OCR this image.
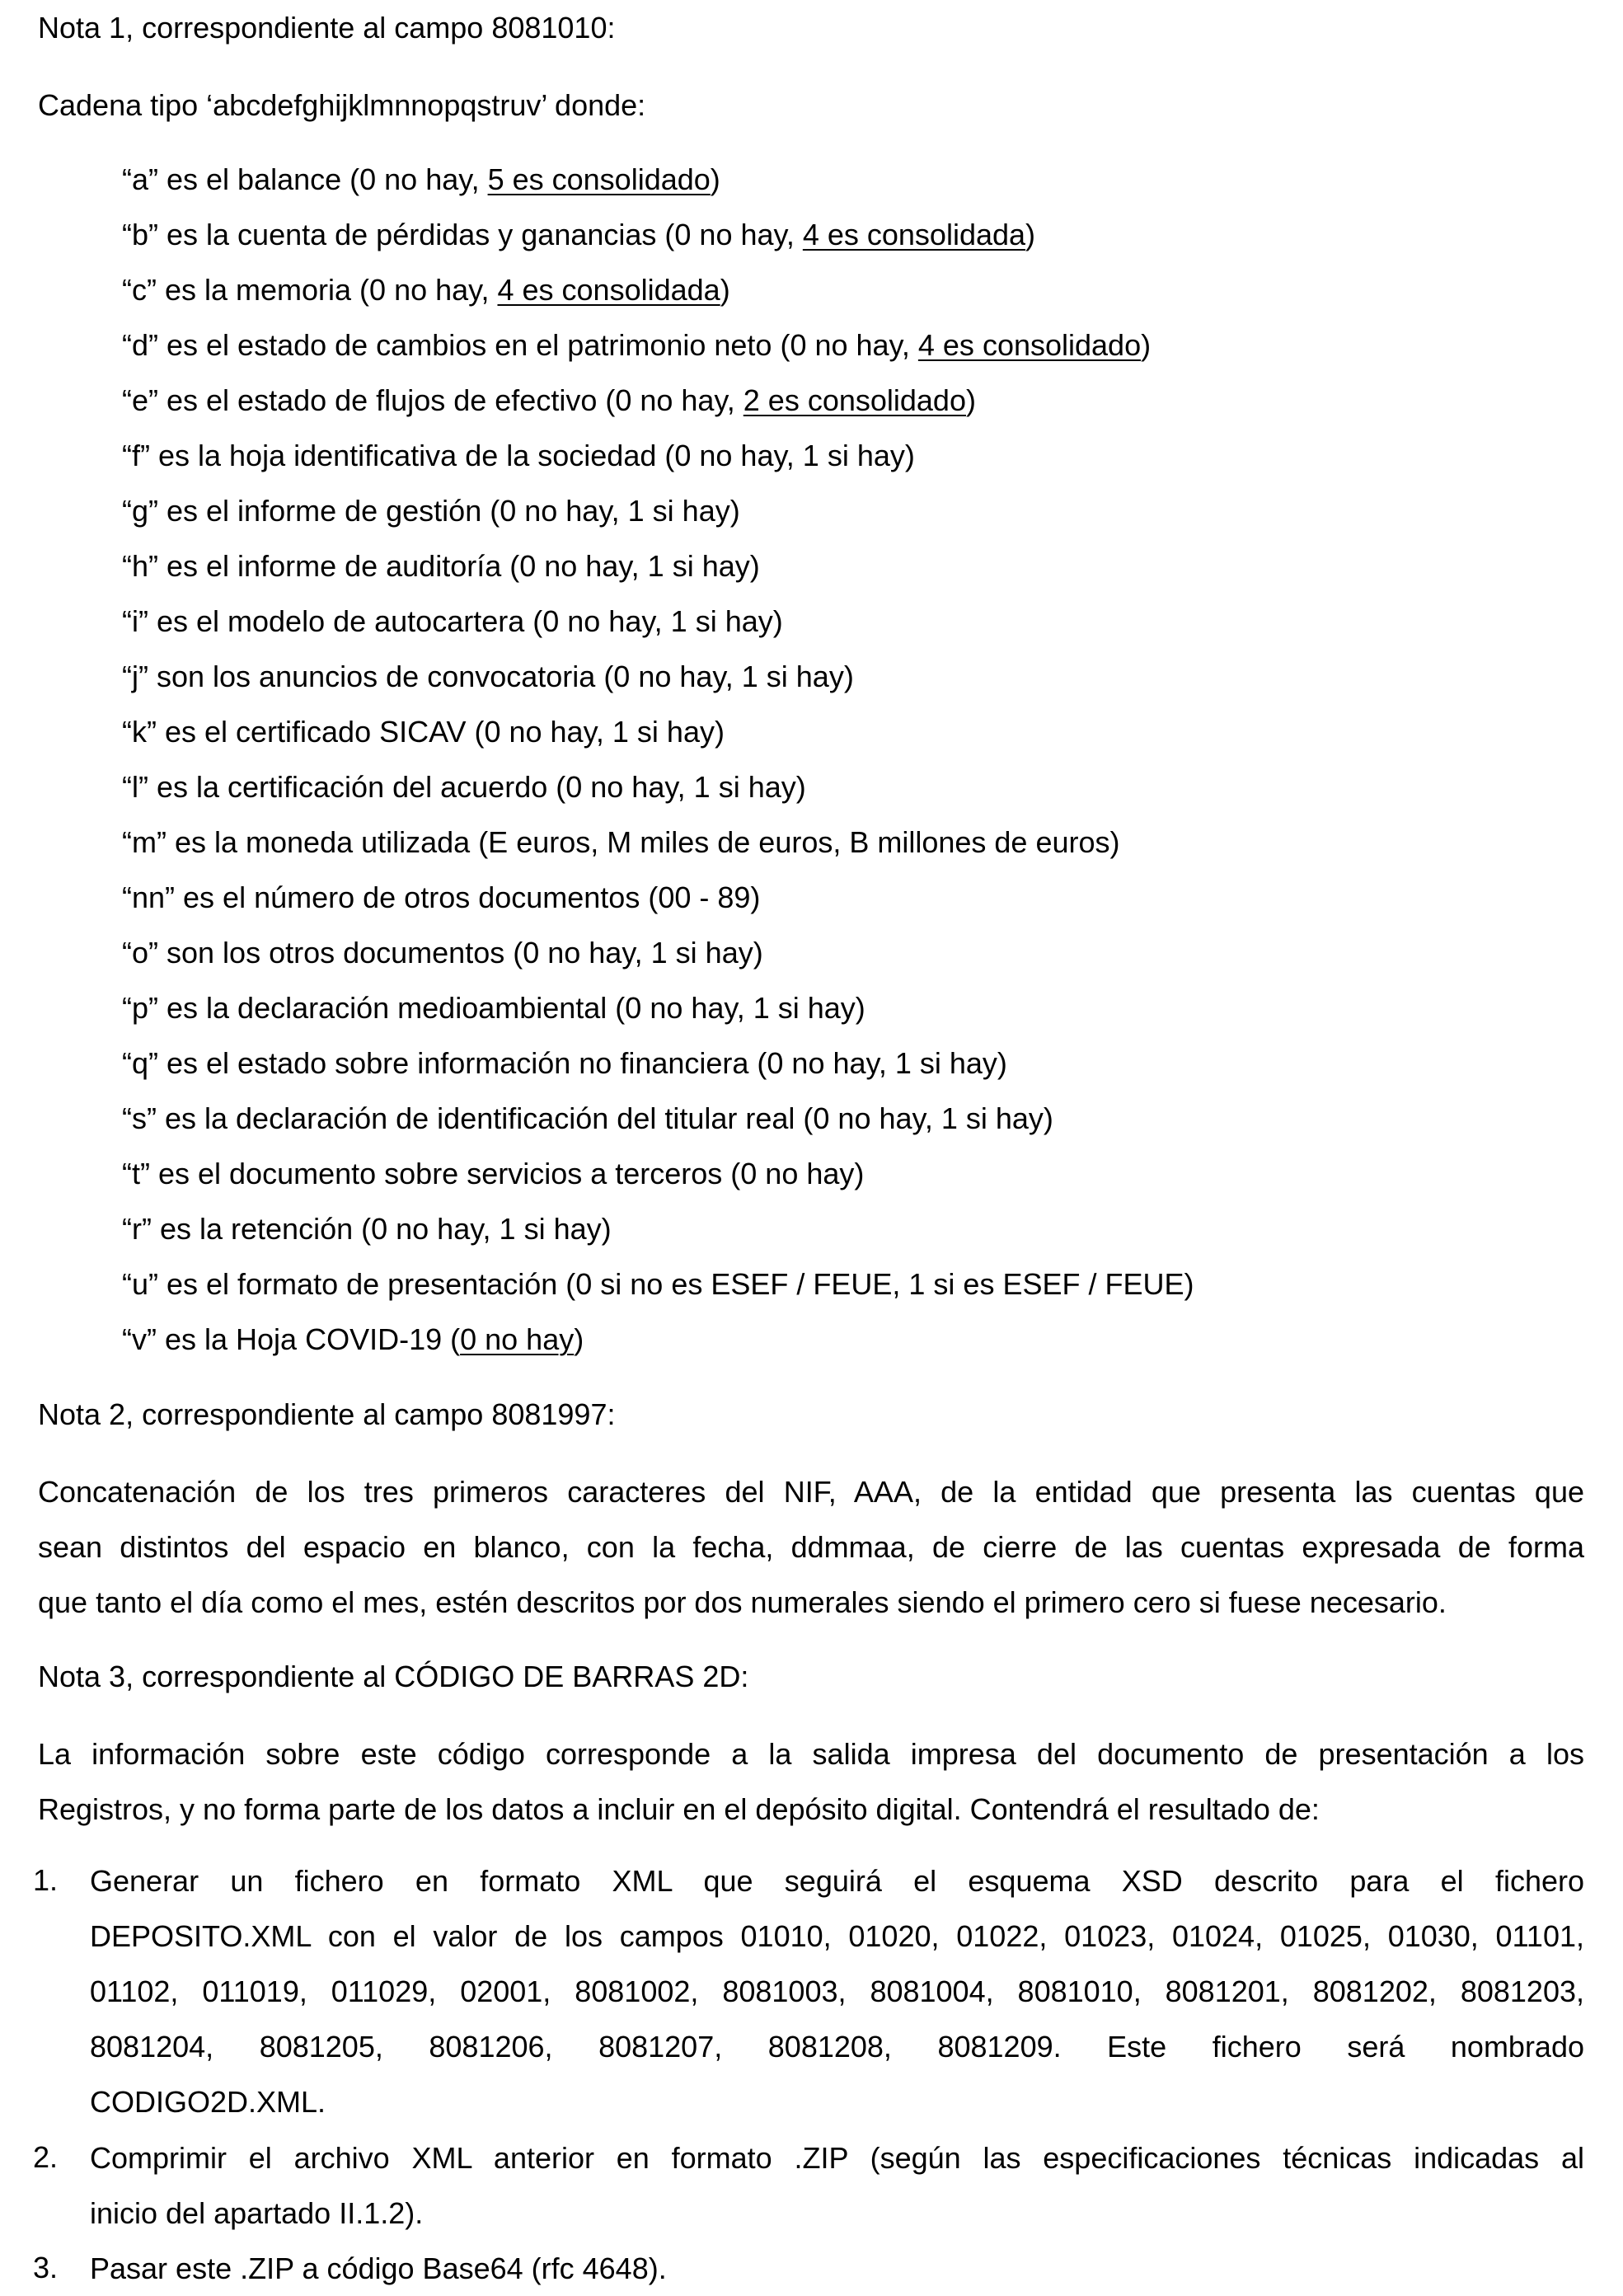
Nota 1, correspondiente al campo 8081010:
Cadena tipo ‘abcdefghijklmnnopqstruv’ donde:
“a” es el balance (0 no hay, 5 es consolidado)
“b” es la cuenta de pérdidas y ganancias (0 no hay, 4 es consolidada)
“c” es la memoria (0 no hay, 4 es consolidada)
“d” es el estado de cambios en el patrimonio neto (0 no hay, 4 es consolidado)
“e” es el estado de flujos de efectivo (0 no hay, 2 es consolidado)
“f” es la hoja identificativa de la sociedad (0 no hay, 1 si hay)
“g” es el informe de gestión (0 no hay, 1 si hay)
“h” es el informe de auditoría (0 no hay, 1 si hay)
“i” es el modelo de autocartera (0 no hay, 1 si hay)
“j” son los anuncios de convocatoria (0 no hay, 1 si hay)
“k” es el certificado SICAV (0 no hay, 1 si hay)
“l” es la certificación del acuerdo (0 no hay, 1 si hay)
“m” es la moneda utilizada (E euros, M miles de euros, B millones de euros)
“nn” es el número de otros documentos (00 - 89)
“o” son los otros documentos (0 no hay, 1 si hay)
“p” es la declaración medioambiental (0 no hay, 1 si hay)
“q” es el estado sobre información no financiera (0 no hay, 1 si hay)
“s” es la declaración de identificación del titular real (0 no hay, 1 si hay)
“t” es el documento sobre servicios a terceros (0 no hay)
“r” es la retención (0 no hay, 1 si hay)
“u” es el formato de presentación (0 si no es ESEF / FEUE, 1 si es ESEF / FEUE)
“v” es la Hoja COVID-19 (0 no hay)
Nota 2, correspondiente al campo 8081997:
Concatenación de los tres primeros caracteres del NIF, AAA, de la entidad que presenta las cuentas que
sean distintos del espacio en blanco, con la fecha, ddmmaa, de cierre de las cuentas expresada de forma
que tanto el día como el mes, estén descritos por dos numerales siendo el primero cero si fuese necesario.
Nota 3, correspondiente al CÓDIGO DE BARRAS 2D:
La información sobre este código corresponde a la salida impresa del documento de presentación a los
Registros, y no forma parte de los datos a incluir en el depósito digital. Contendrá el resultado de:
1. Generar un fichero en formato XML que seguirá el esquema XSD descrito para el fichero
DEPOSITO.XML con el valor de los campos 01010, 01020, 01022, 01023, 01024, 01025, 01030, 01101,
01102, 011019, 011029, 02001, 8081002, 8081003, 8081004, 8081010, 8081201, 8081202, 8081203,
8081204, 8081205, 8081206, 8081207, 8081208, 8081209. Este fichero será nombrado
CODIGO2D.XML.
2. Comprimir el archivo XML anterior en formato .ZIP (según las especificaciones técnicas indicadas al
inicio del apartado II.1.2).
3. Pasar este .ZIP a código Base64 (rfc 4648).
